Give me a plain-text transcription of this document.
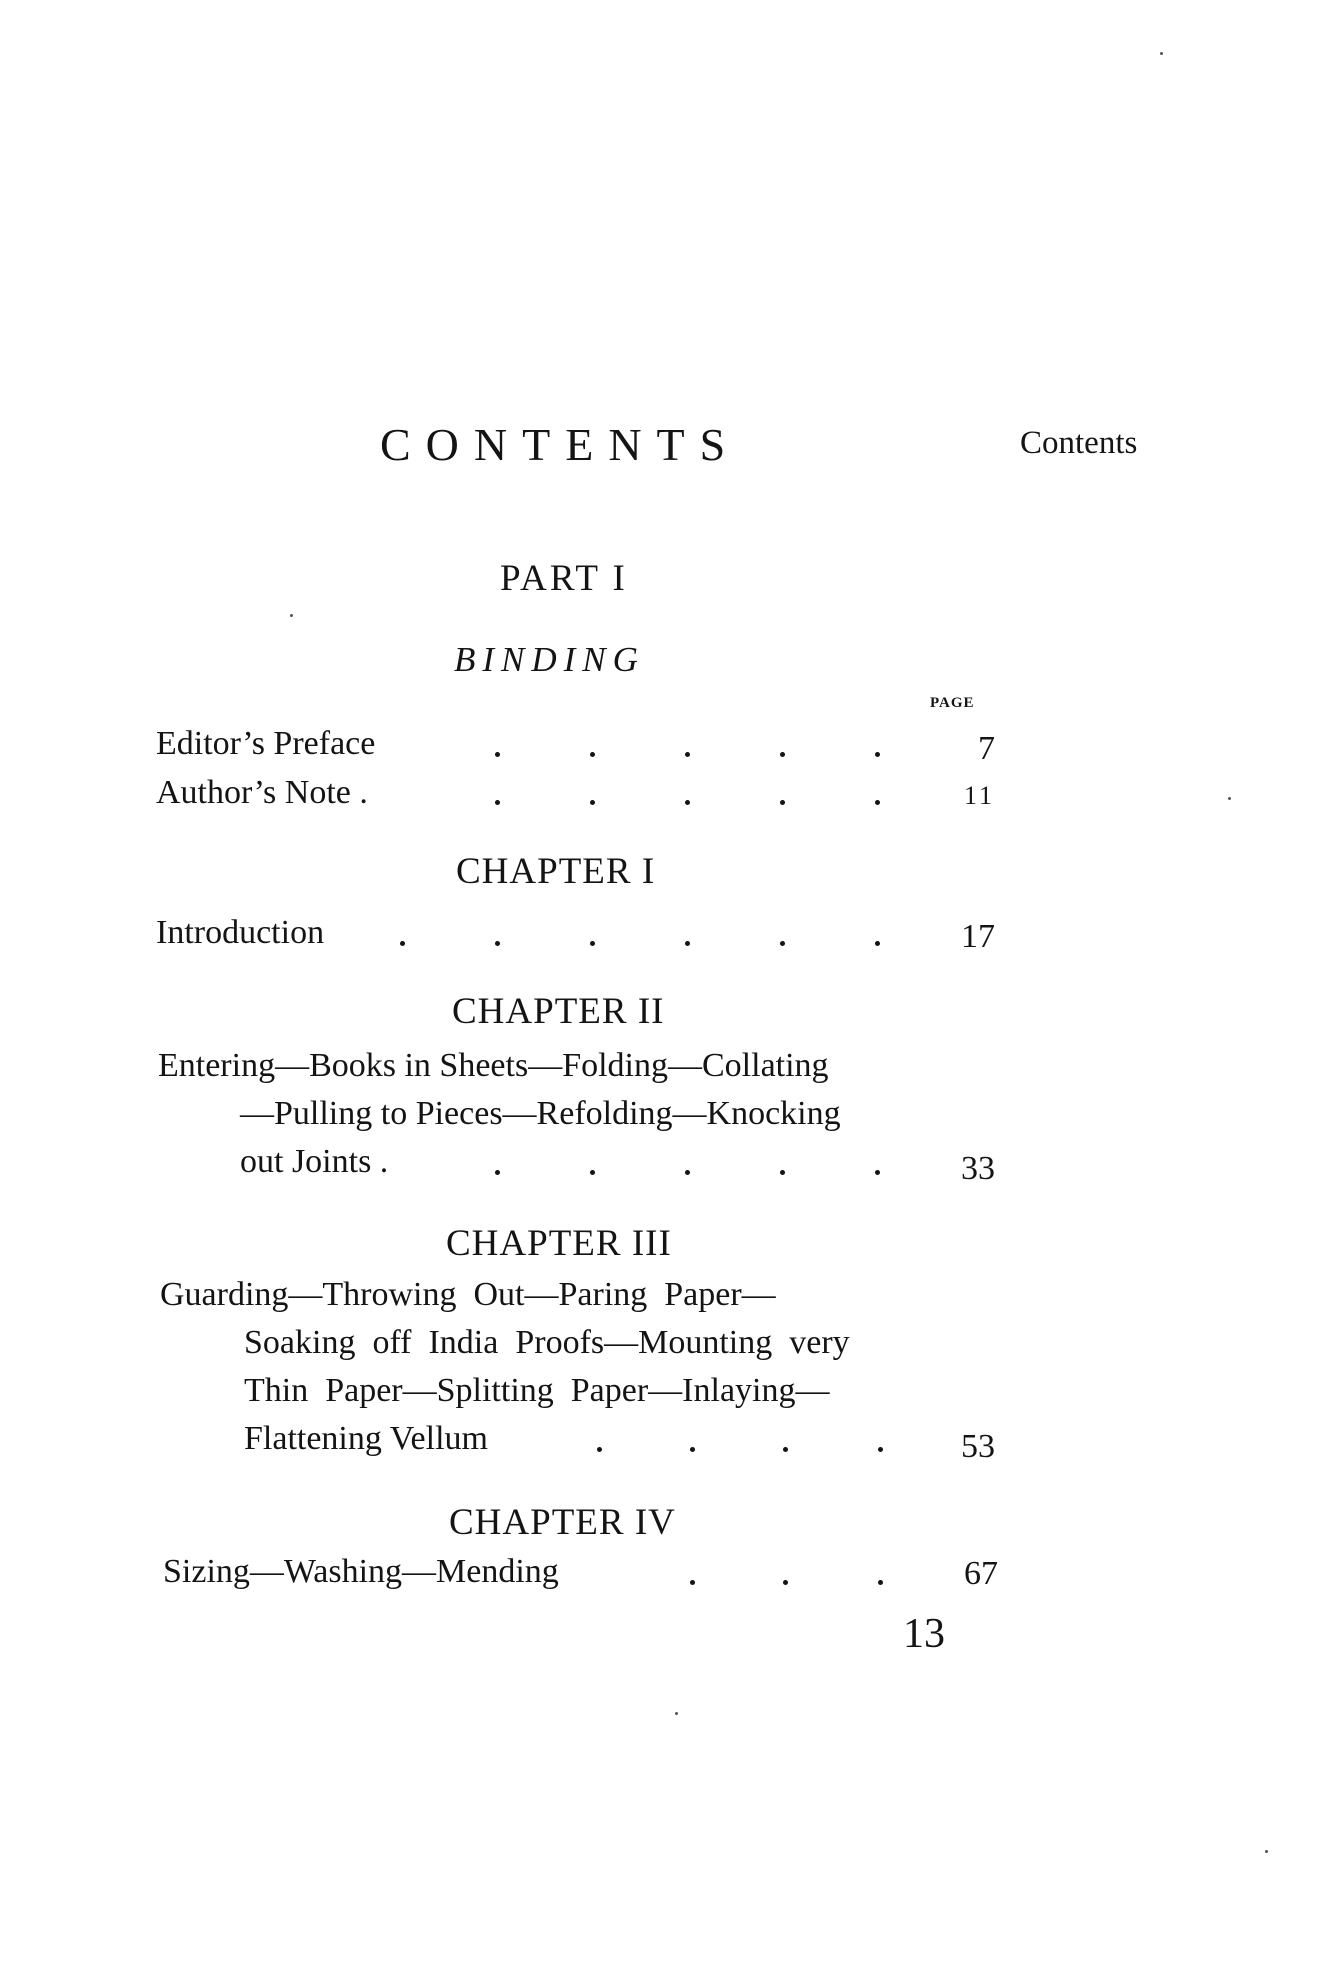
CONTENTS	Contents
PART I
BINDING
PAGE
Editor’s Preface	7
Author’s Note .	11
CHAPTER I
Introduction	17
CHAPTER II
Entering—Books in Sheets—Folding—Collating
—Pulling to Pieces—Refolding—Knocking
out Joints .	33
CHAPTER III
Guarding—Throwing  Out—Paring  Paper—
Soaking  off  India  Proofs—Mounting  very
Thin  Paper—Splitting  Paper—Inlaying—
Flattening Vellum	53
CHAPTER IV
Sizing—Washing—Mending	67
13
